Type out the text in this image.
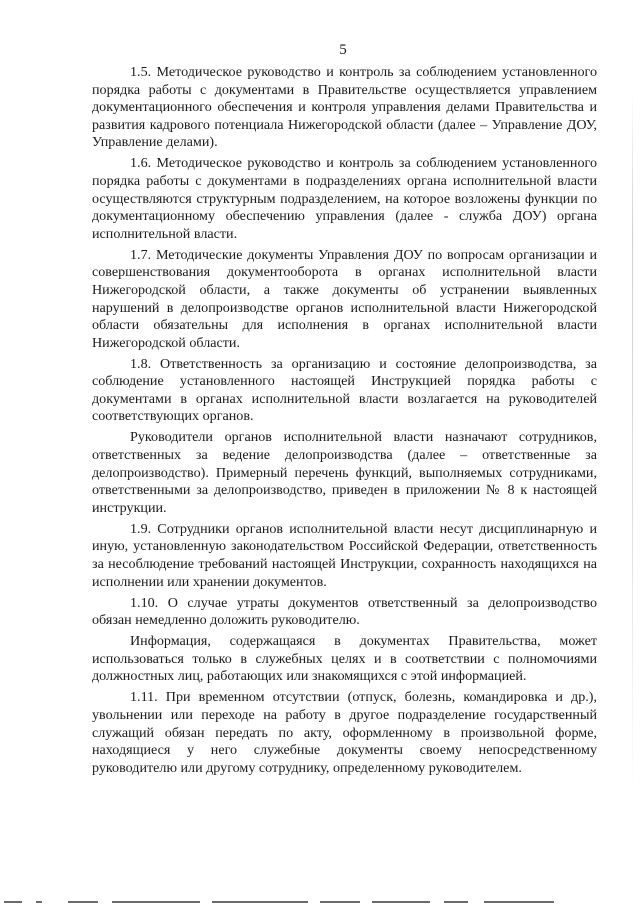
5

1.5. Методическое руководство и контроль за соблюдением установленного порядка работы с документами в Правительстве осуществляется управлением документационного обеспечения и контроля управления делами Правительства и развития кадрового потенциала Нижегородской области (далее – Управление ДОУ, Управление делами).

1.6. Методическое руководство и контроль за соблюдением установленного порядка работы с документами в подразделениях органа исполнительной власти осуществляются структурным подразделением, на которое возложены функции по документационному обеспечению управления (далее - служба ДОУ) органа исполнительной власти.

1.7. Методические документы Управления ДОУ по вопросам организации и совершенствования документооборота в органах исполнительной власти Нижегородской области, а также документы об устранении выявленных нарушений в делопроизводстве органов исполнительной власти Нижегородской области обязательны для исполнения в органах исполнительной власти Нижегородской области.

1.8. Ответственность за организацию и состояние делопроизводства, за соблюдение установленного настоящей Инструкцией порядка работы с документами в органах исполнительной власти возлагается на руководителей соответствующих органов.

Руководители органов исполнительной власти назначают сотрудников, ответственных за ведение делопроизводства (далее – ответственные за делопроизводство). Примерный перечень функций, выполняемых сотрудниками, ответственными за делопроизводство, приведен в приложении № 8 к настоящей инструкции.

1.9. Сотрудники органов исполнительной власти несут дисциплинарную и иную, установленную законодательством Российской Федерации, ответственность за несоблюдение требований настоящей Инструкции, сохранность находящихся на исполнении или хранении документов.

1.10. О случае утраты документов ответственный за делопроизводство обязан немедленно доложить руководителю.

Информация, содержащаяся в документах Правительства, может использоваться только в служебных целях и в соответствии с полномочиями должностных лиц, работающих или знакомящихся с этой информацией.

1.11. При временном отсутствии (отпуск, болезнь, командировка и др.), увольнении или переходе на работу в другое подразделение государственный служащий обязан передать по акту, оформленному в произвольной форме, находящиеся у него служебные документы своему непосредственному руководителю или другому сотруднику, определенному руководителем.
